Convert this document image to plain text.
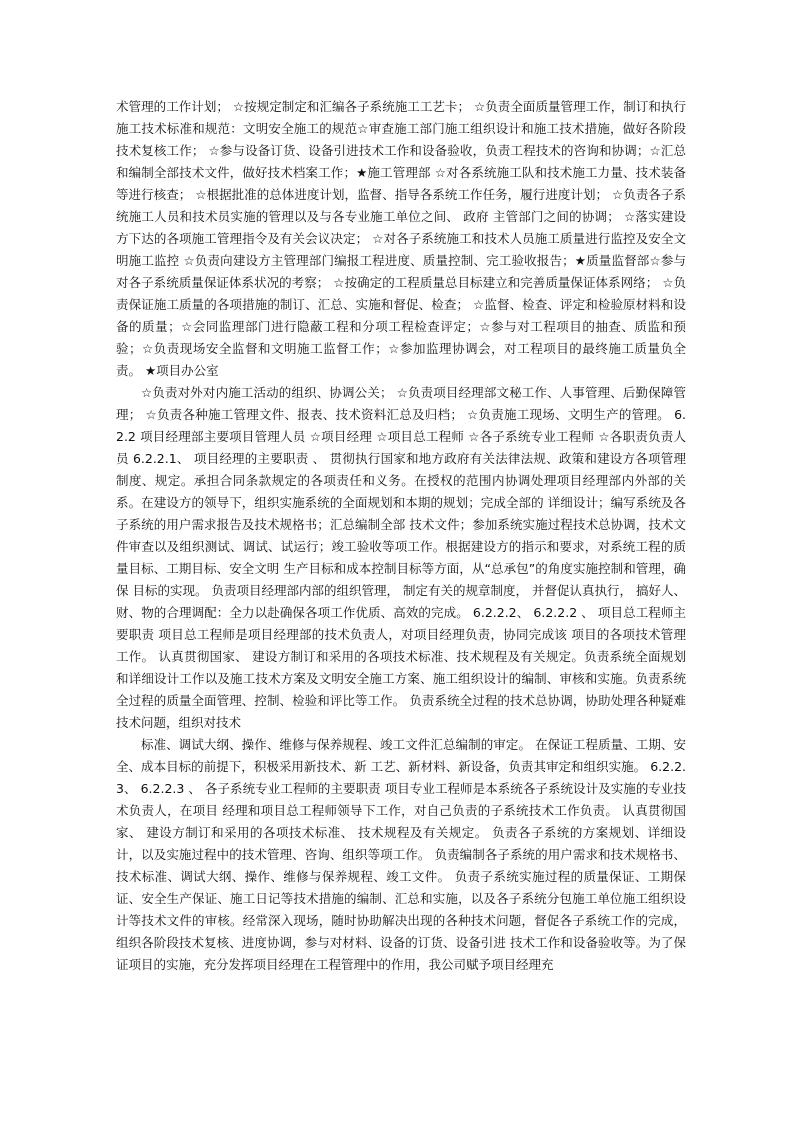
术管理的工作计划； ☆按规定制定和汇编各子系统施工工艺卡； ☆负责全面质量管理工作，制订和执行施工技术标准和规范：文明安全施工的规范☆审查施工部门施工组织设计和施工技术措施，做好各阶段技术复核工作； ☆参与设备订货、设备引进技术工作和设备验收，负责工程技术的咨询和协调；☆汇总和编制全部技术文件，做好技术档案工作；★施工管理部 ☆对各系统施工队和技术施工力量、技术装备等进行核查； ☆根据批准的总体进度计划，监督、指导各系统工作任务，履行进度计划； ☆负责各子系统施工人员和技术员实施的管理以及与各专业施工单位之间、 政府 主管部门之间的协调； ☆落实建设方下达的各项施工管理指令及有关会议决定； ☆对各子系统施工和技术人员施工质量进行监控及安全文明施工监控 ☆负责向建设方主管理部门编报工程进度、质量控制、完工验收报告；★质量监督部☆参与对各子系统质量保证体系状况的考察； ☆按确定的工程质量总目标建立和完善质量保证体系网络； ☆负责保证施工质量的各项措施的制订、汇总、实施和督促、检查； ☆监督、检查、评定和检验原材料和设备的质量；☆会同监理部门进行隐蔽工程和分项工程检查评定；☆参与对工程项目的抽查、质监和预验；☆负责现场安全监督和文明施工监督工作；☆参加监理协调会，对工程项目的最终施工质量负全责。 ★项目办公室

☆负责对外对内施工活动的组织、协调公关； ☆负责项目经理部文秘工作、人事管理、后勤保障管理； ☆负责各种施工管理文件、报表、技术资料汇总及归档； ☆负责施工现场、文明生产的管理。 6.2.2 项目经理部主要项目管理人员 ☆项目经理 ☆项目总工程师 ☆各子系统专业工程师 ☆各职责负责人员 6.2.2.1、 项目经理的主要职责 、 贯彻执行国家和地方政府有关法律法规、政策和建设方各项管理制度、规定。承担合同条款规定的各项责任和义务。在授权的范围内协调处理项目经理部内外部的关系。在建设方的领导下，组织实施系统的全面规划和本期的规划；完成全部的 详细设计；编写系统及各子系统的用户需求报告及技术规格书；汇总编制全部 技术文件；参加系统实施过程技术总协调，技术文件审查以及组织测试、调试、试运行；竣工验收等项工作。根据建设方的指示和要求，对系统工程的质量目标、工期目标、安全文明 生产目标和成本控制目标等方面，从“总承包”的角度实施控制和管理，确保 目标的实现。 负责项目经理部内部的组织管理， 制定有关的规章制度， 并督促认真执行， 搞好人、财、物的合理调配：全力以赴确保各项工作优质、高效的完成。 6.2.2.2、 6.2.2.2 、 项目总工程师主要职责 项目总工程师是项目经理部的技术负责人，对项目经理负责，协同完成该 项目的各项技术管理工作。 认真贯彻国家、 建设方制订和采用的各项技术标准、技术规程及有关规定。负责系统全面规划和详细设计工作以及施工技术方案及文明安全施工方案、施工组织设计的编制、审核和实施。负责系统全过程的质量全面管理、控制、检验和评比等工作。 负责系统全过程的技术总协调，协助处理各种疑难技术问题，组织对技术

标准、调试大纲、操作、维修与保养规程、竣工文件汇总编制的审定。 在保证工程质量、工期、安全、成本目标的前提下，积极采用新技术、新 工艺、新材料、新设备，负责其审定和组织实施。 6.2.2.3、 6.2.2.3 、 各子系统专业工程师的主要职责 项目专业工程师是本系统各子系统设计及实施的专业技术负责人，在项目 经理和项目总工程师领导下工作，对自己负责的子系统技术工作负责。 认真贯彻国家、 建设方制订和采用的各项技术标准、 技术规程及有关规定。 负责各子系统的方案规划、详细设计，以及实施过程中的技术管理、咨询、组织等项工作。 负责编制各子系统的用户需求和技术规格书、技术标准、调试大纲、操作、维修与保养规程、竣工文件。 负责子系统实施过程的质量保证、工期保证、安全生产保证、施工日记等技术措施的编制、汇总和实施，以及各子系统分包施工单位施工组织设计等技术文件的审核。经常深入现场，随时协助解决出现的各种技术问题，督促各子系统工作的完成，组织各阶段技术复核、进度协调，参与对材料、设备的订货、设备引进 技术工作和设备验收等。为了保证项目的实施，充分发挥项目经理在工程管理中的作用，我公司赋予项目经理充
